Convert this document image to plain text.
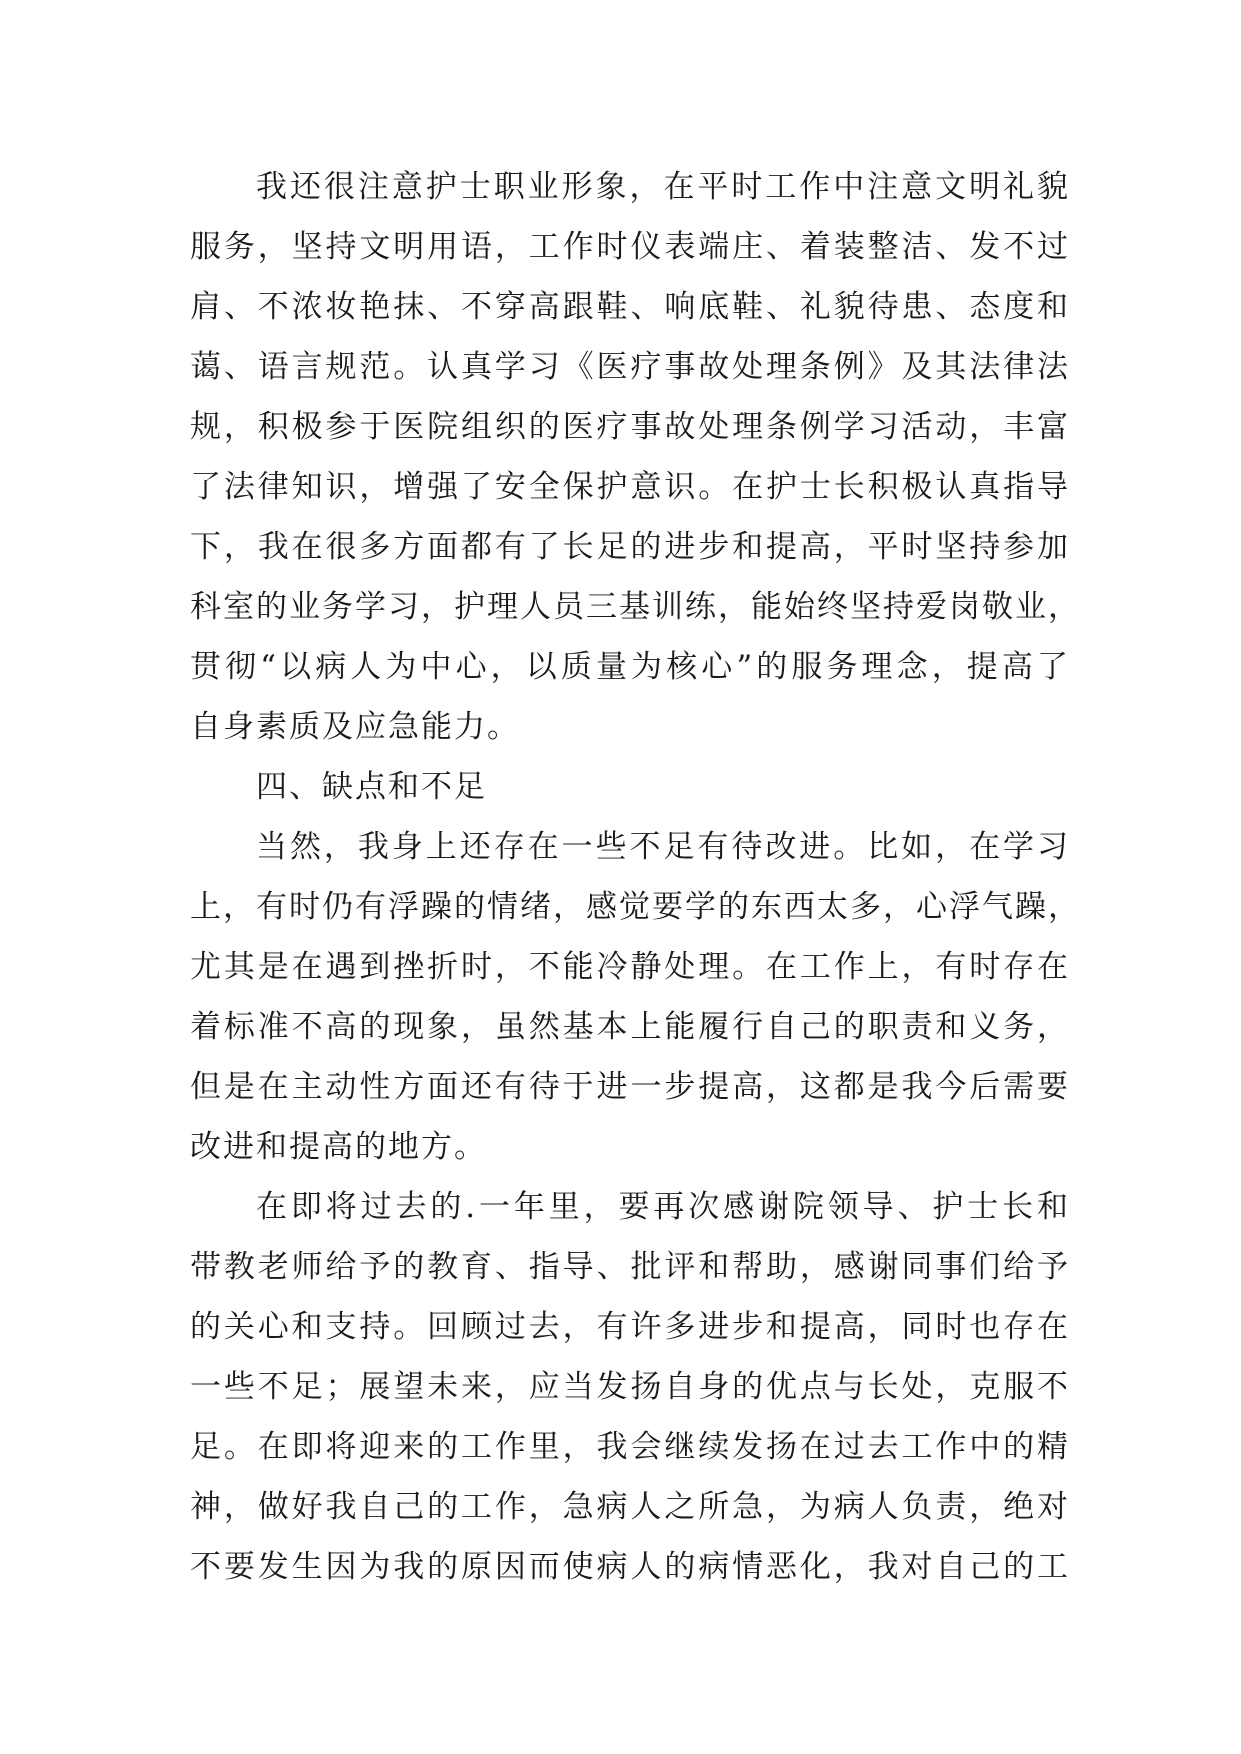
我还很注意护士职业形象，在平时工作中注意文明礼貌
服务，坚持文明用语，工作时仪表端庄、着装整洁、发不过
肩、不浓妆艳抹、不穿高跟鞋、响底鞋、礼貌待患、态度和
蔼、语言规范。认真学习《医疗事故处理条例》及其法律法
规，积极参于医院组织的医疗事故处理条例学习活动，丰富
了法律知识，增强了安全保护意识。在护士长积极认真指导
下，我在很多方面都有了长足的进步和提高，平时坚持参加
科室的业务学习，护理人员三基训练，能始终坚持爱岗敬业，
贯彻“以病人为中心，以质量为核心”的服务理念，提高了
自身素质及应急能力。
四、缺点和不足
当然，我身上还存在一些不足有待改进。比如，在学习
上，有时仍有浮躁的情绪，感觉要学的东西太多，心浮气躁，
尤其是在遇到挫折时，不能冷静处理。在工作上，有时存在
着标准不高的现象，虽然基本上能履行自己的职责和义务，
但是在主动性方面还有待于进一步提高，这都是我今后需要
改进和提高的地方。
在即将过去的.一年里，要再次感谢院领导、护士长和
带教老师给予的教育、指导、批评和帮助，感谢同事们给予
的关心和支持。回顾过去，有许多进步和提高，同时也存在
一些不足；展望未来，应当发扬自身的优点与长处，克服不
足。在即将迎来的工作里，我会继续发扬在过去工作中的精
神，做好我自己的工作，急病人之所急，为病人负责，绝对
不要发生因为我的原因而使病人的病情恶化，我对自己的工
